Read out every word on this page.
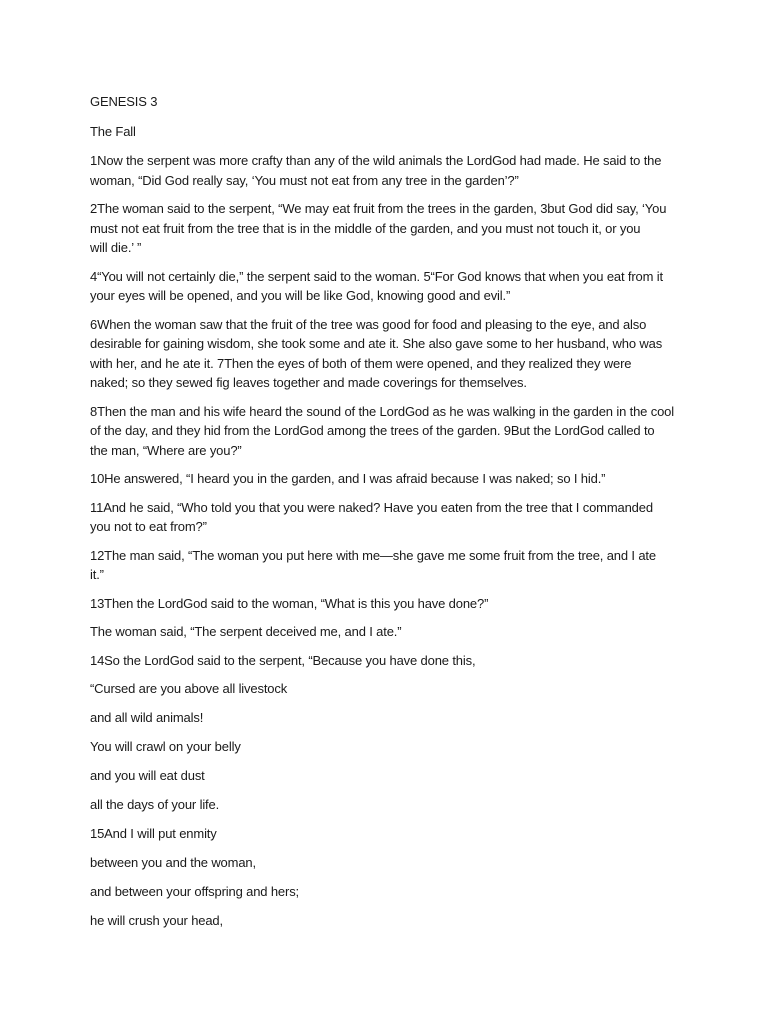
GENESIS 3

The Fall

1Now the serpent was more crafty than any of the wild animals the LordGod had made. He said to the

woman, “Did God really say, ‘You must not eat from any tree in the garden’?”

2The woman said to the serpent, “We may eat fruit from the trees in the garden, 3but God did say, ‘You

must not eat fruit from the tree that is in the middle of the garden, and you must not touch it, or you

will die.’ ”

4“You will not certainly die,” the serpent said to the woman. 5“For God knows that when you eat from it

your eyes will be opened, and you will be like God, knowing good and evil.”

6When the woman saw that the fruit of the tree was good for food and pleasing to the eye, and also

desirable for gaining wisdom, she took some and ate it. She also gave some to her husband, who was

with her, and he ate it. 7Then the eyes of both of them were opened, and they realized they were

naked; so they sewed fig leaves together and made coverings for themselves.

8Then the man and his wife heard the sound of the LordGod as he was walking in the garden in the cool

of the day, and they hid from the LordGod among the trees of the garden. 9But the LordGod called to

the man, “Where are you?”

10He answered, “I heard you in the garden, and I was afraid because I was naked; so I hid.”

11And he said, “Who told you that you were naked? Have you eaten from the tree that I commanded

you not to eat from?”

12The man said, “The woman you put here with me—she gave me some fruit from the tree, and I ate

it.”

13Then the LordGod said to the woman, “What is this you have done?”

The woman said, “The serpent deceived me, and I ate.”

14So the LordGod said to the serpent, “Because you have done this,

“Cursed are you above all livestock

and all wild animals!

You will crawl on your belly

and you will eat dust

all the days of your life.

15And I will put enmity

between you and the woman,

and between your offspring and hers;

he will crush your head,
